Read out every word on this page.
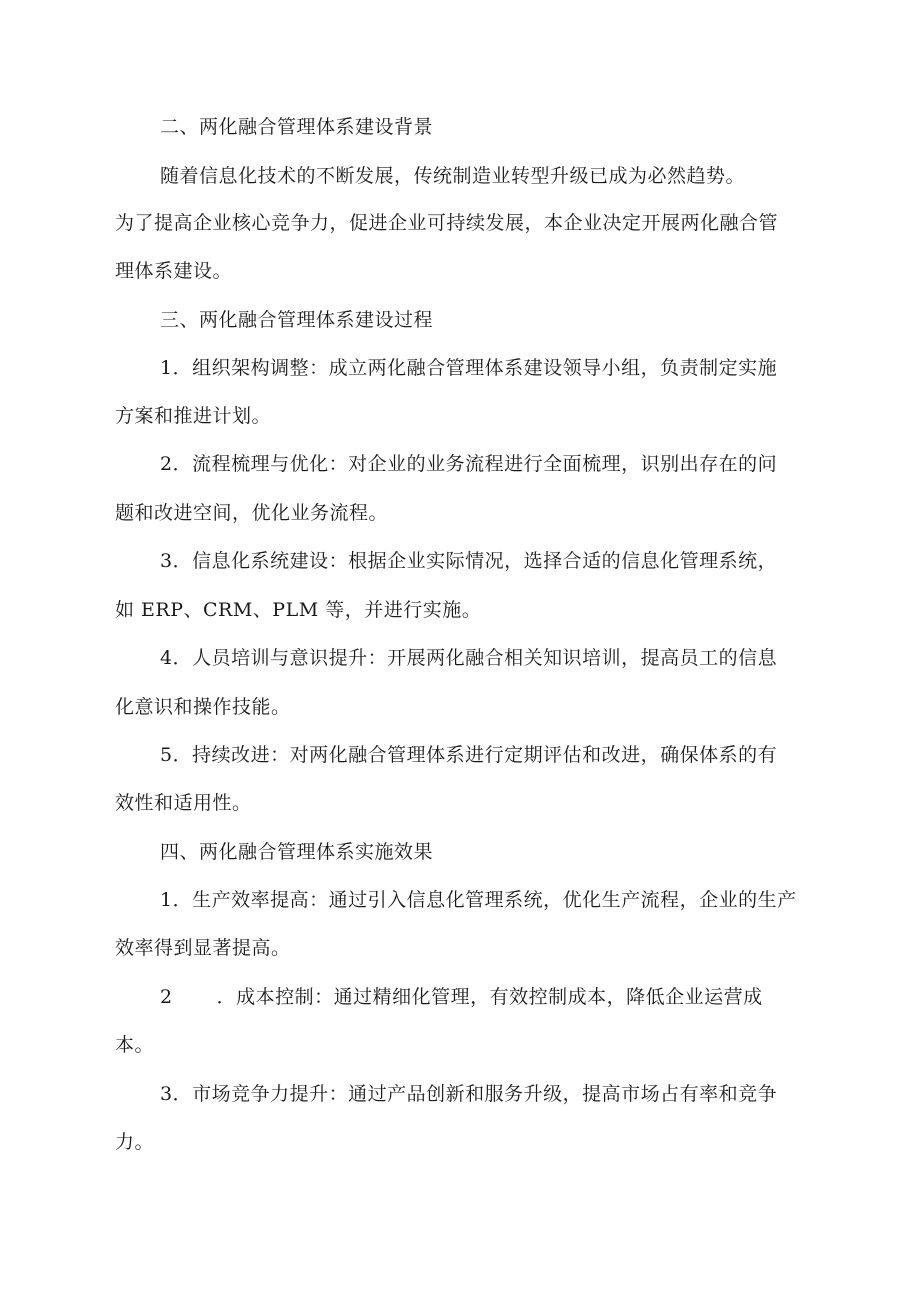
二、两化融合管理体系建设背景

随着信息化技术的不断发展，传统制造业转型升级已成为必然趋势。

为了提高企业核心竞争力，促进企业可持续发展，本企业决定开展两化融合管

理体系建设。

三、两化融合管理体系建设过程

1．组织架构调整：成立两化融合管理体系建设领导小组，负责制定实施

方案和推进计划。

2．流程梳理与优化：对企业的业务流程进行全面梳理，识别出存在的问

题和改进空间，优化业务流程。

3．信息化系统建设：根据企业实际情况，选择合适的信息化管理系统，

如 ERP、CRM、PLM 等，并进行实施。

4．人员培训与意识提升：开展两化融合相关知识培训，提高员工的信息

化意识和操作技能。

5．持续改进：对两化融合管理体系进行定期评估和改进，确保体系的有

效性和适用性。

四、两化融合管理体系实施效果

1．生产效率提高：通过引入信息化管理系统，优化生产流程，企业的生产

效率得到显著提高。

2 ．成本控制：通过精细化管理，有效控制成本，降低企业运营成

本。

3．市场竞争力提升：通过产品创新和服务升级，提高市场占有率和竞争

力。
